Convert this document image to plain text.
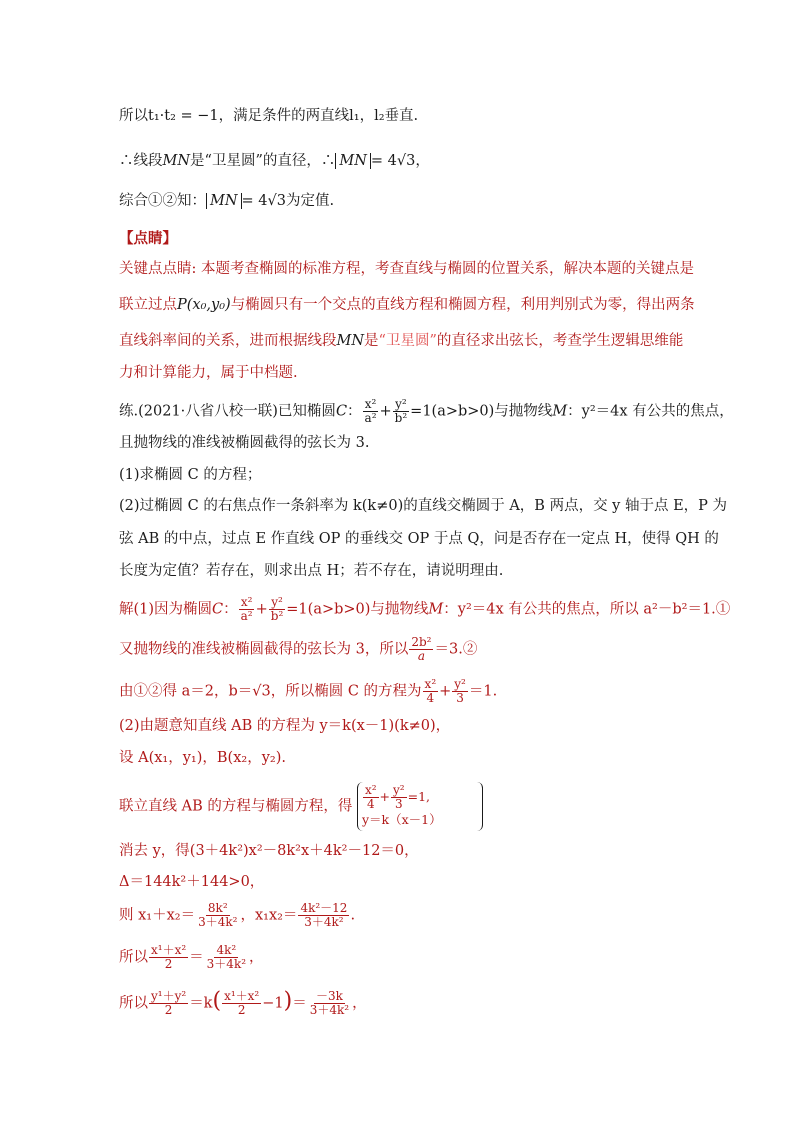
所以t₁·t₂ = −1，满足条件的两直线l₁，l₂垂直.
∴线段MN是“卫星圆”的直径，∴ MN = 4√3，
综合①②知： MN = 4√3为定值.
【点睛】
关键点点睛: 本题考查椭圆的标准方程，考查直线与椭圆的位置关系，解决本题的关键点是
联立过点P(x₀,y₀)与椭圆只有一个交点的直线方程和椭圆方程，利用判别式为零，得出两条
直线斜率间的关系，进而根据线段MN是“卫星圆”的直径求出弦长，考查学生逻辑思维能
力和计算能力，属于中档题.
练.(2021·八省八校一联)已知椭圆C： $\frac{\text{x²}}{\text{a²}} + \frac{\text{y²}}{\text{b²}} =1(a>b>0)$与抛物线M：y²＝4x 有公共的焦点，
且抛物线的准线被椭圆截得的弦长为 3.
(1)求椭圆 C 的方程；
(2)过椭圆 C 的右焦点作一条斜率为 k(k≠0)的直线交椭圆于 A，B 两点，交 y 轴于点 E，P 为
弦 AB 的中点，过点 E 作直线 OP 的垂线交 OP 于点 Q，问是否存在一定点 H，使得 QH 的
长度为定值？若存在，则求出点 H；若不存在，请说明理由.
解(1)因为椭圆C： $\frac{\text{x²}}{\text{a²}} + \frac{\text{y²}}{\text{b²}} =1(a>b>0)$与抛物线M：y²＝4x 有公共的焦点，所以 a²－b²＝1.①
又抛物线的准线被椭圆截得的弦长为 3，所以 $\frac{\text{2b²}}{a}$ ＝3.②
由①②得 a＝2，b＝√3，所以椭圆 C 的方程为 $\frac{\text{x²}}{4} + \frac{\text{y²}}{3} =1$.
(2)由题意知直线 AB 的方程为 y＝k(x－1)(k≠0)，
设 A(x₁，y₁)，B(x₂，y₂).
联立直线 AB 的方程与椭圆方程，得 $\frac{\text{x²}}{4} + \frac{\text{y²}}{3} =1$,
y＝k（x－1）
消去 y，得(3＋4k²)x²－8k²x＋4k²－12＝0，
Δ＝144k²＋144>0，
则 $x_1+x_2= \frac{\text{8k²}}{\text{3＋4k²}}$ ，$x_1x_2= \frac{\text{4k²－12}}{\text{3＋4k²}}$ .
所以 $\frac{\text{x¹＋x²}}{2} = \frac{\text{4k²}}{\text{3＋4k²}}$ ，
所以 $\frac{\text{y¹＋y²}}{2} =k( \frac{\text{x¹＋x²}}{2} -1)= \frac{-3k}{\text{3＋4k²}}$ ，
